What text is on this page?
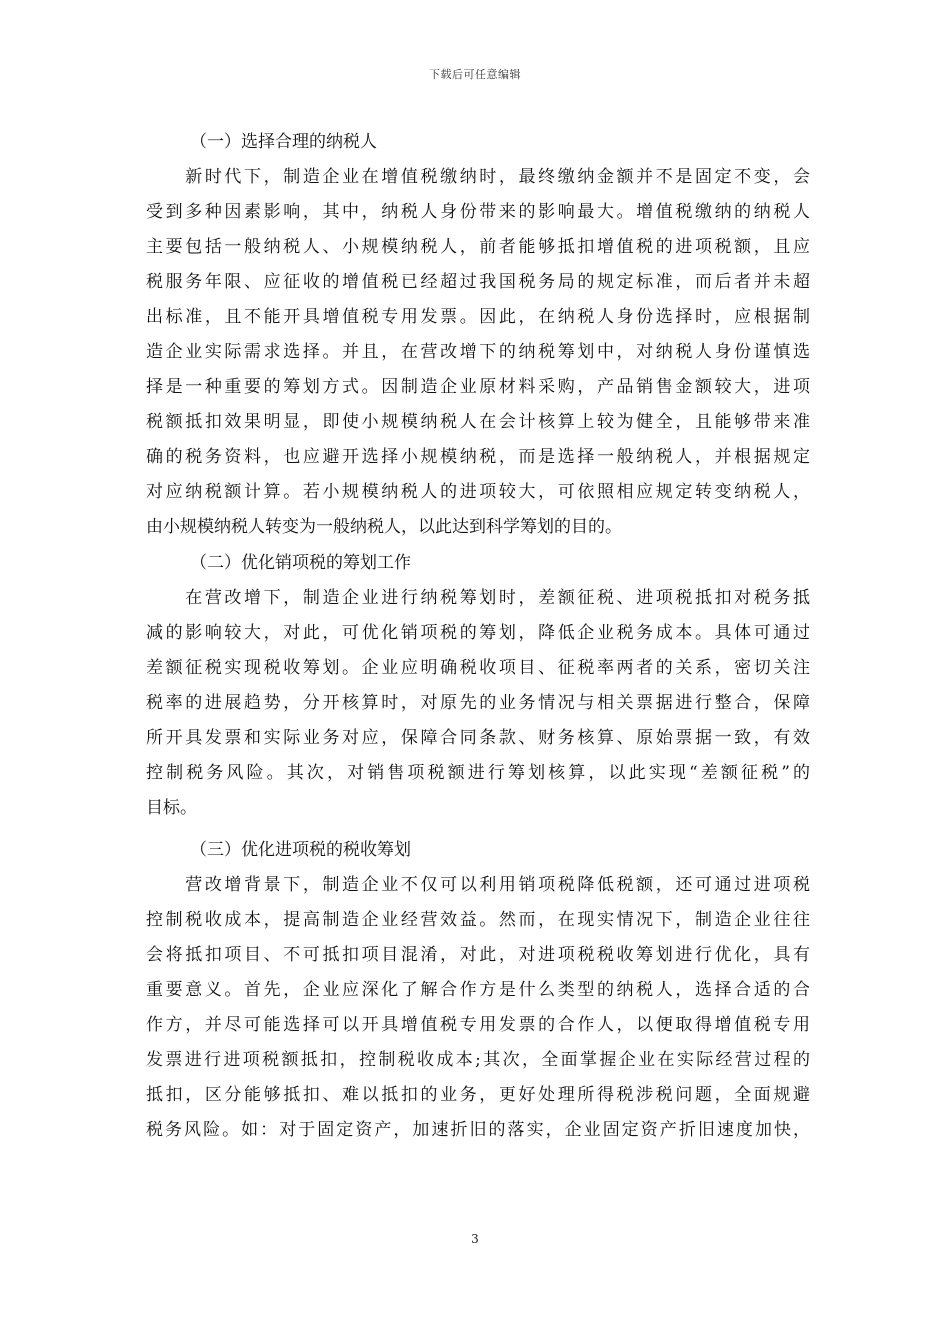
下载后可任意编辑
（一）选择合理的纳税人
　　新时代下，制造企业在增值税缴纳时，最终缴纳金额并不是固定不变，会
受到多种因素影响，其中，纳税人身份带来的影响最大。增值税缴纳的纳税人
主要包括一般纳税人、小规模纳税人，前者能够抵扣增值税的进项税额，且应
税服务年限、应征收的增值税已经超过我国税务局的规定标准，而后者并未超
出标准，且不能开具增值税专用发票。因此，在纳税人身份选择时，应根据制
造企业实际需求选择。并且，在营改增下的纳税筹划中，对纳税人身份谨慎选
择是一种重要的筹划方式。因制造企业原材料采购，产品销售金额较大，进项
税额抵扣效果明显，即使小规模纳税人在会计核算上较为健全，且能够带来准
确的税务资料，也应避开选择小规模纳税，而是选择一般纳税人，并根据规定
对应纳税额计算。若小规模纳税人的进项较大，可依照相应规定转变纳税人，
由小规模纳税人转变为一般纳税人，以此达到科学筹划的目的。
（二）优化销项税的筹划工作
　　在营改增下，制造企业进行纳税筹划时，差额征税、进项税抵扣对税务抵
减的影响较大，对此，可优化销项税的筹划，降低企业税务成本。具体可通过
差额征税实现税收筹划。企业应明确税收项目、征税率两者的关系，密切关注
税率的进展趋势，分开核算时，对原先的业务情况与相关票据进行整合，保障
所开具发票和实际业务对应，保障合同条款、财务核算、原始票据一致，有效
控制税务风险。其次，对销售项税额进行筹划核算，以此实现“差额征税”的
目标。
（三）优化进项税的税收筹划
　　营改增背景下，制造企业不仅可以利用销项税降低税额，还可通过进项税
控制税收成本，提高制造企业经营效益。然而，在现实情况下，制造企业往往
会将抵扣项目、不可抵扣项目混淆，对此，对进项税税收筹划进行优化，具有
重要意义。首先，企业应深化了解合作方是什么类型的纳税人，选择合适的合
作方，并尽可能选择可以开具增值税专用发票的合作人，以便取得增值税专用
发票进行进项税额抵扣，控制税收成本;其次，全面掌握企业在实际经营过程的
抵扣，区分能够抵扣、难以抵扣的业务，更好处理所得税涉税问题，全面规避
税务风险。如：对于固定资产，加速折旧的落实，企业固定资产折旧速度加快，
3
